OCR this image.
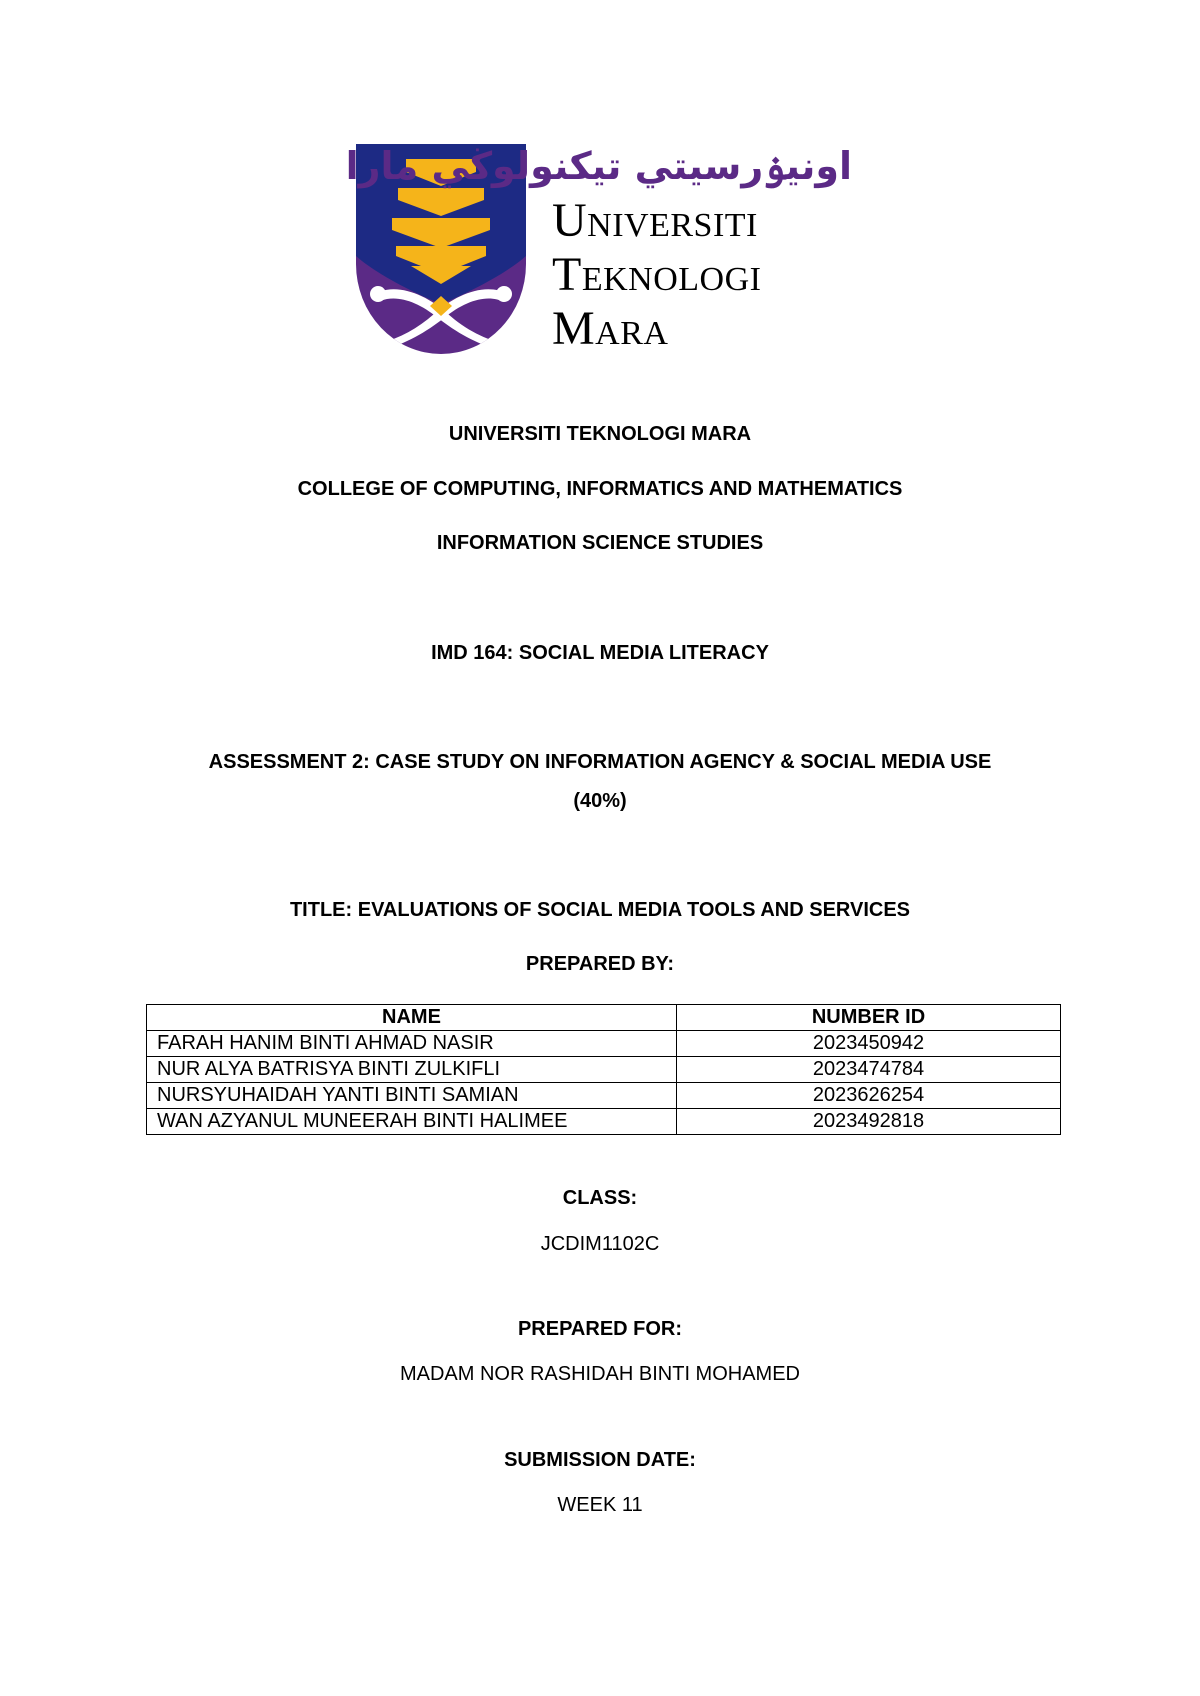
اونيۏرسيتي تيكنولوڬي مارا
Universiti
Teknologi
Mara
UNIVERSITI TEKNOLOGI MARA
COLLEGE OF COMPUTING, INFORMATICS AND MATHEMATICS
INFORMATION SCIENCE STUDIES
IMD 164: SOCIAL MEDIA LITERACY
ASSESSMENT 2: CASE STUDY ON INFORMATION AGENCY & SOCIAL MEDIA USE
(40%)
TITLE: EVALUATIONS OF SOCIAL MEDIA TOOLS AND SERVICES
PREPARED BY:
NAME	NUMBER ID
FARAH HANIM BINTI AHMAD NASIR	2023450942
NUR ALYA BATRISYA BINTI ZULKIFLI	2023474784
NURSYUHAIDAH YANTI BINTI SAMIAN	2023626254
WAN AZYANUL MUNEERAH BINTI HALIMEE	2023492818
CLASS:
JCDIM1102C
PREPARED FOR:
MADAM NOR RASHIDAH BINTI MOHAMED
SUBMISSION DATE:
WEEK 11
